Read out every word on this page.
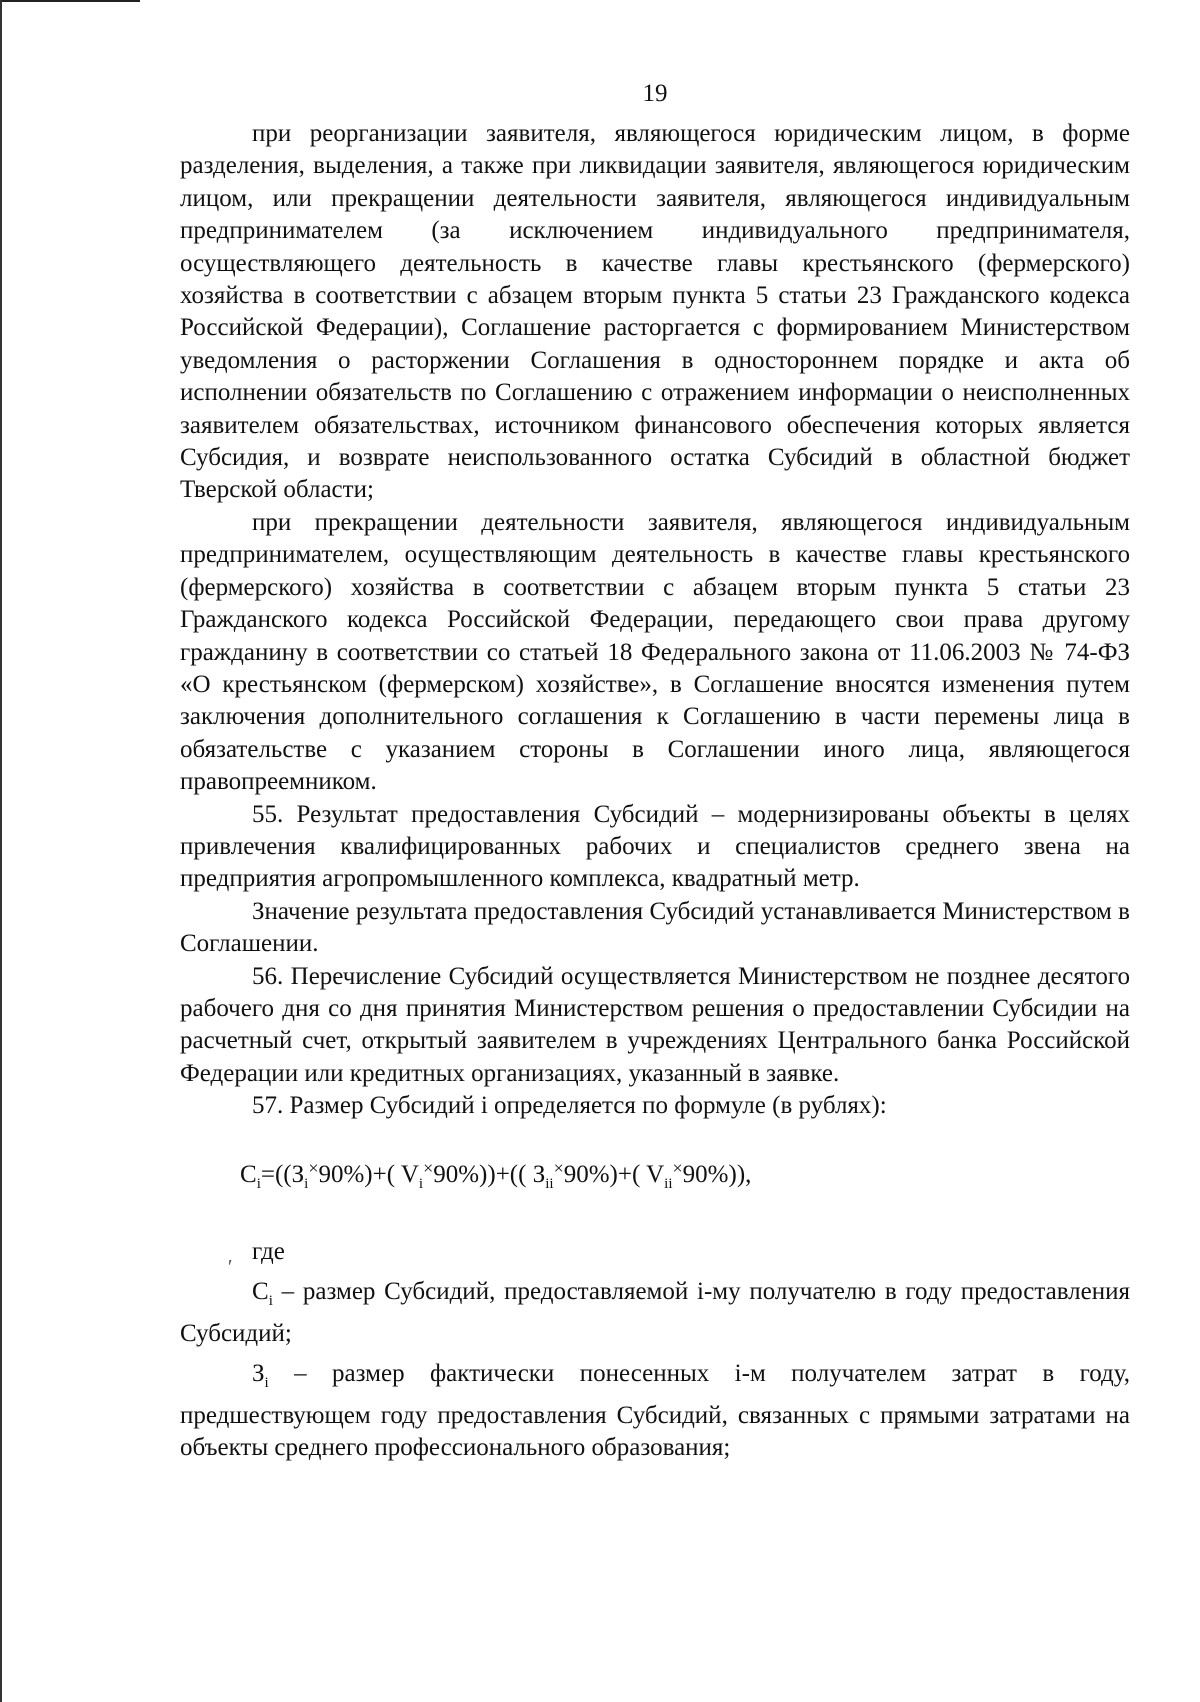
′
19

при реорганизации заявителя, являющегося юридическим лицом, в форме разделения, выделения, а также при ликвидации заявителя, являющегося юридическим лицом, или прекращении деятельности заявителя, являющегося индивидуальным предпринимателем (за исключением индивидуального предпринимателя, осуществляющего деятельность в качестве главы крестьянского (фермерского) хозяйства в соответствии с абзацем вторым пункта 5 статьи 23 Гражданского кодекса Российской Федерации), Соглашение расторгается с формированием Министерством уведомления о расторжении Соглашения в одностороннем порядке и акта об исполнении обязательств по Соглашению с отражением информации о неисполненных заявителем обязательствах, источником финансового обеспечения которых является Субсидия, и возврате неиспользованного остатка Субсидий в областной бюджет Тверской области;

при прекращении деятельности заявителя, являющегося индивидуальным предпринимателем, осуществляющим деятельность в качестве главы крестьянского (фермерского) хозяйства в соответствии с абзацем вторым пункта 5 статьи 23 Гражданского кодекса Российской Федерации, передающего свои права другому гражданину в соответствии со статьей 18 Федерального закона от 11.06.2003 № 74-ФЗ «О крестьянском (фермерском) хозяйстве», в Соглашение вносятся изменения путем заключения дополнительного соглашения к Соглашению в части перемены лица в обязательстве с указанием стороны в Соглашении иного лица, являющегося правопреемником.

55. Результат предоставления Субсидий – модернизированы объекты в целях привлечения квалифицированных рабочих и специалистов среднего звена на предприятия агропромышленного комплекса, квадратный метр.

Значение результата предоставления Субсидий устанавливается Министерством в Соглашении.

56. Перечисление Субсидий осуществляется Министерством не позднее десятого рабочего дня со дня принятия Министерством решения о предоставлении Субсидии на расчетный счет, открытый заявителем в учреждениях Центрального банка Российской Федерации или кредитных организациях, указанный в заявке.

57. Размер Субсидий i определяется по формуле (в рублях):

$C_i=((З_i^\times 90\%)+$( $V_i^\times 90\%))+$(( $З_{ii}^\times 90\%)+$( $V_{ii}^\times 90\%$)),

где

$C_i$ – размер Субсидий, предоставляемой i-му получателю в году предоставления Субсидий;

$З_i$ – размер фактически понесенных i-м получателем затрат в году, предшествующем году предоставления Субсидий, связанных с прямыми затратами на объекты среднего профессионального образования;
